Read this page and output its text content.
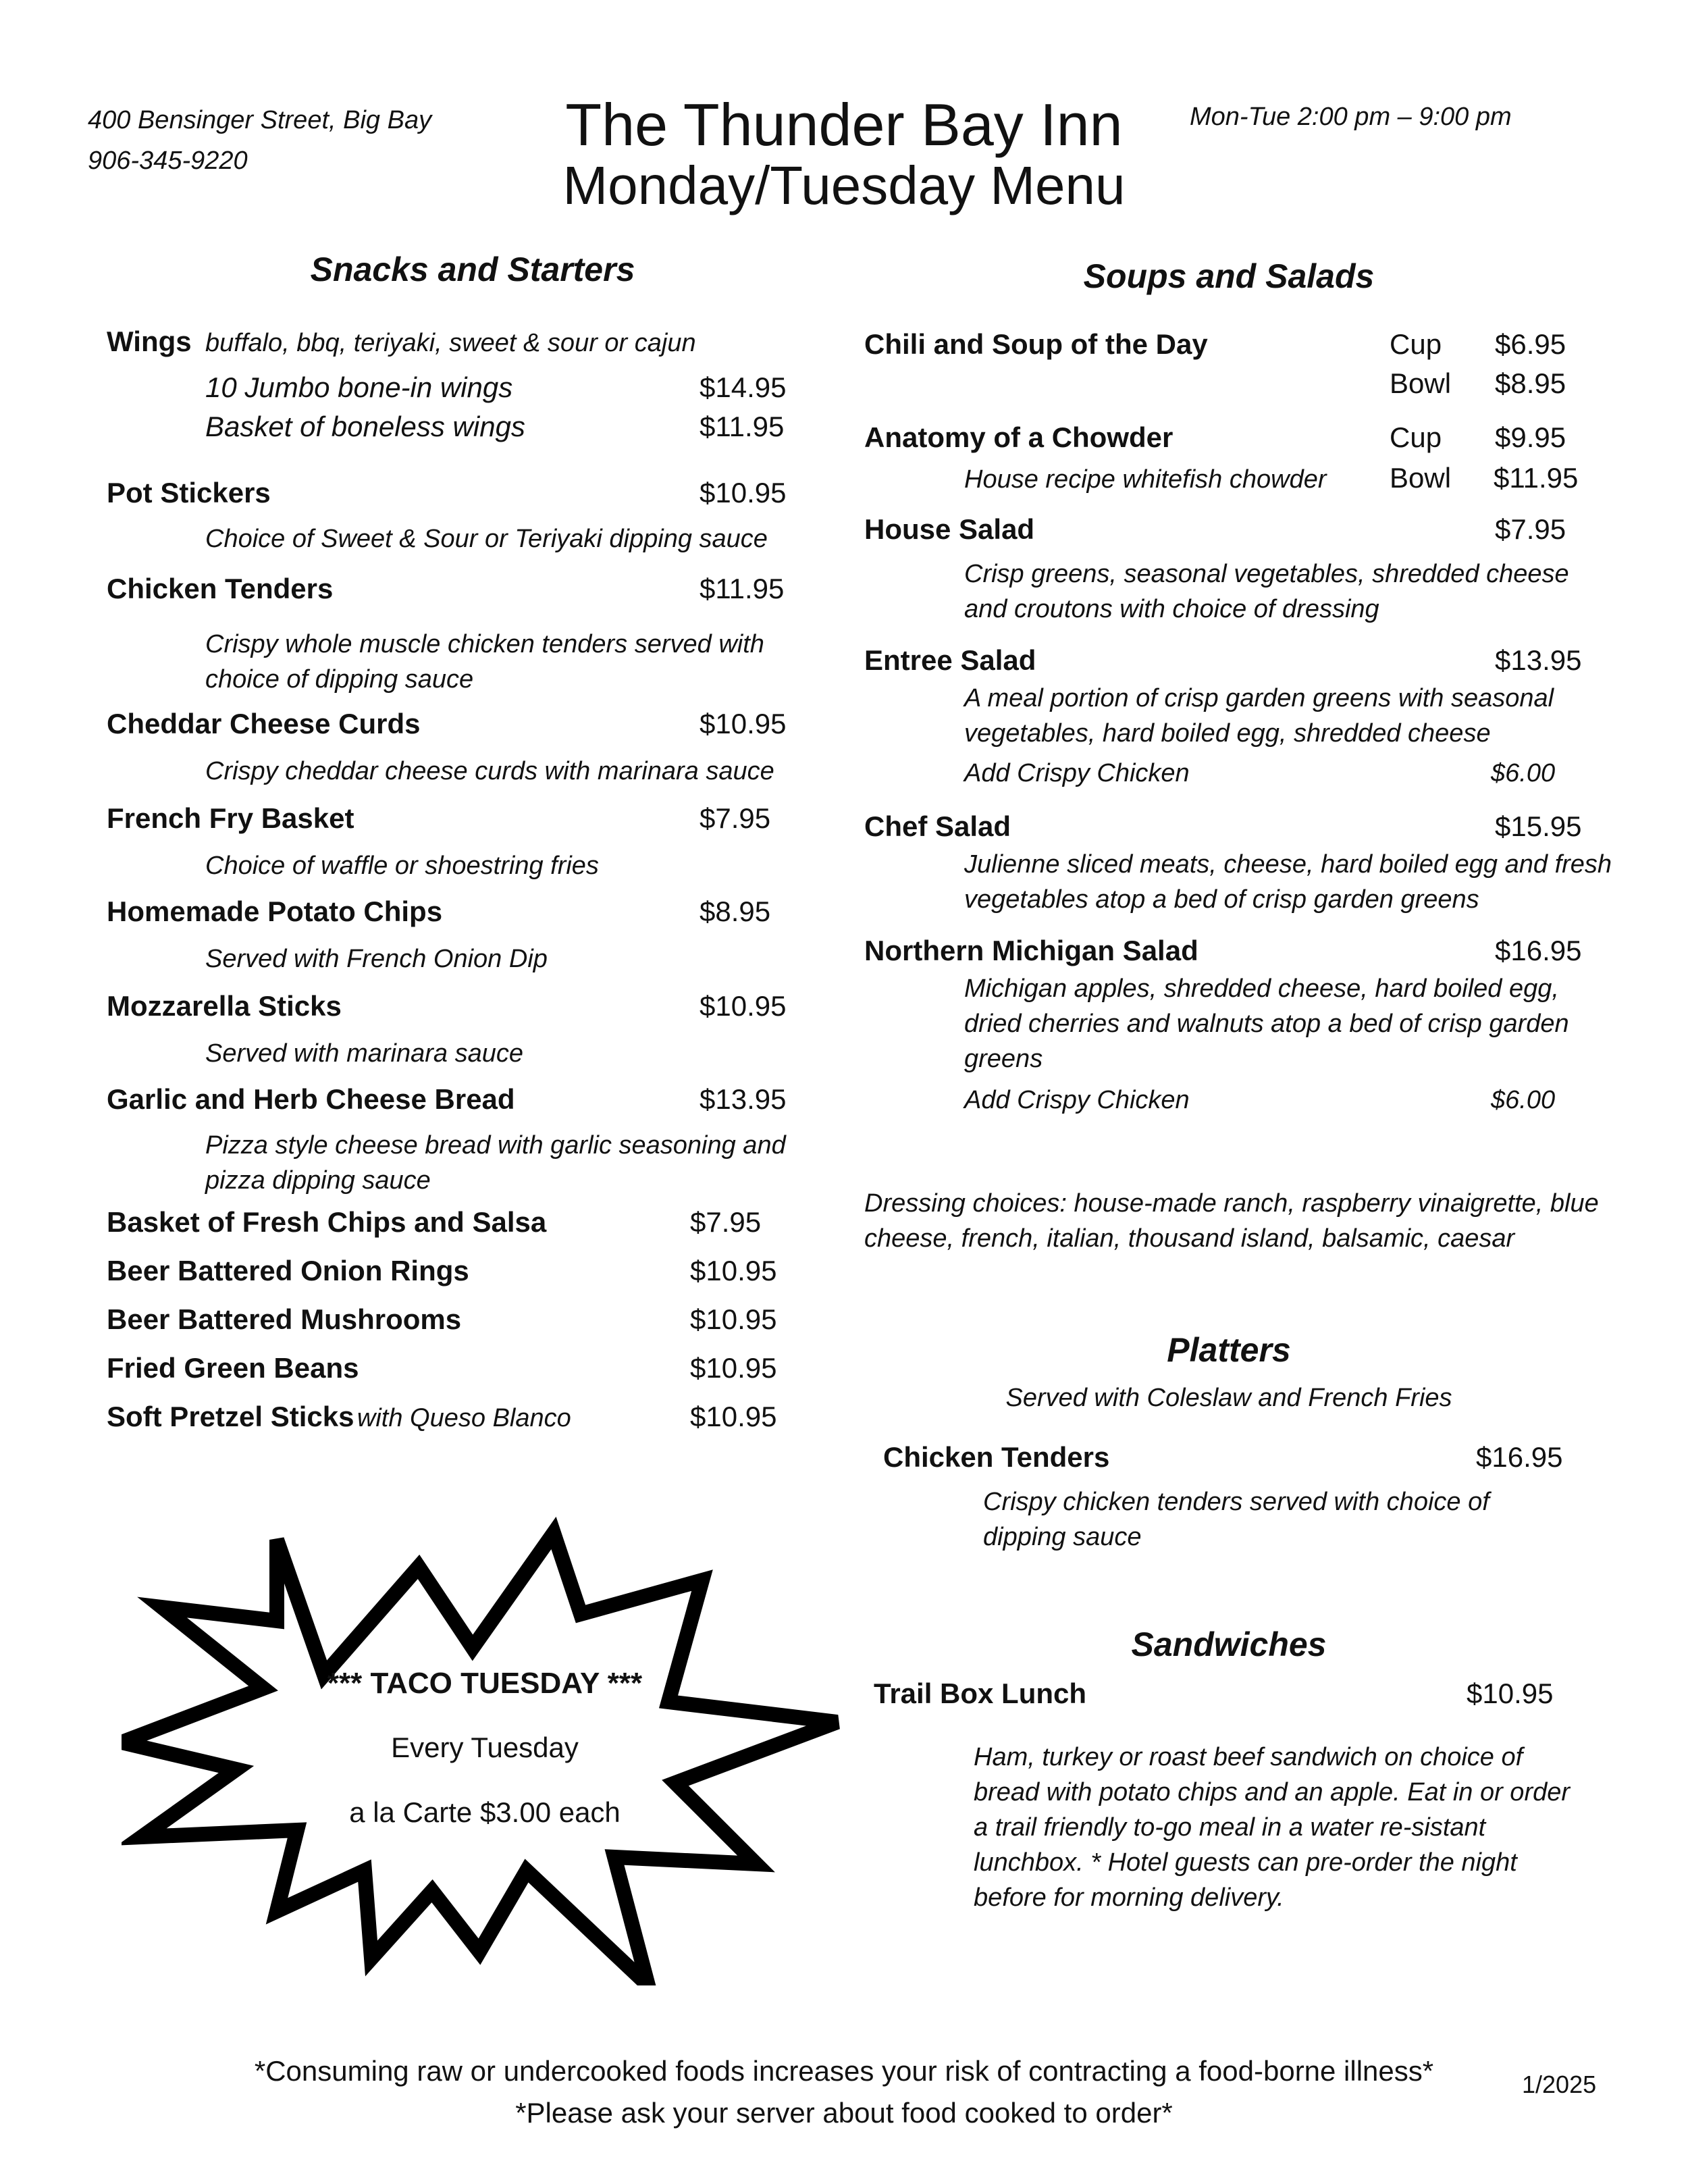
400 Bensinger Street, Big Bay
906-345-9220
The Thunder Bay Inn
Monday/Tuesday Menu
Mon-Tue 2:00 pm – 9:00 pm
Snacks and Starters
Wings buffalo, bbq, teriyaki, sweet & sour or cajun
10 Jumbo bone-in wings	$14.95
Basket of boneless wings	$11.95
Pot Stickers	$10.95
Choice of Sweet & Sour or Teriyaki dipping sauce
Chicken Tenders	$11.95
Crispy whole muscle chicken tenders served with choice of dipping sauce
Cheddar Cheese Curds	$10.95
Crispy cheddar cheese curds with marinara sauce
French Fry Basket	$7.95
Choice of waffle or shoestring fries
Homemade Potato Chips	$8.95
Served with French Onion Dip
Mozzarella Sticks	$10.95
Served with marinara sauce
Garlic and Herb Cheese Bread	$13.95
Pizza style cheese bread with garlic seasoning and pizza dipping sauce
Basket of Fresh Chips and Salsa	$7.95
Beer Battered Onion Rings	$10.95
Beer Battered Mushrooms	$10.95
Fried Green Beans	$10.95
Soft Pretzel Sticks with Queso Blanco	$10.95
*** TACO TUESDAY ***
Every Tuesday
a la Carte $3.00 each
Soups and Salads
Chili and Soup of the Day	Cup $6.95
Bowl $8.95
Anatomy of a Chowder	Cup $9.95
House recipe whitefish chowder Bowl $11.95
House Salad	$7.95
Crisp greens, seasonal vegetables, shredded cheese and croutons with choice of dressing
Entree Salad	$13.95
A meal portion of crisp garden greens with seasonal vegetables, hard boiled egg, shredded cheese
Add Crispy Chicken	$6.00
Chef Salad	$15.95
Julienne sliced meats, cheese, hard boiled egg and fresh vegetables atop a bed of crisp garden greens
Northern Michigan Salad	$16.95
Michigan apples, shredded cheese, hard boiled egg, dried cherries and walnuts atop a bed of crisp garden greens
Add Crispy Chicken	$6.00
Dressing choices: house-made ranch, raspberry vinaigrette, blue cheese, french, italian, thousand island, balsamic, caesar
Platters
Served with Coleslaw and French Fries
Chicken Tenders	$16.95
Crispy chicken tenders served with choice of dipping sauce
Sandwiches
Trail Box Lunch	$10.95
Ham, turkey or roast beef sandwich on choice of bread with potato chips and an apple. Eat in or order a trail friendly to-go meal in a water re-sistant lunchbox. * Hotel guests can pre-order the night before for morning delivery.
*Consuming raw or undercooked foods increases your risk of contracting a food-borne illness*
*Please ask your server about food cooked to order*
1/2025
